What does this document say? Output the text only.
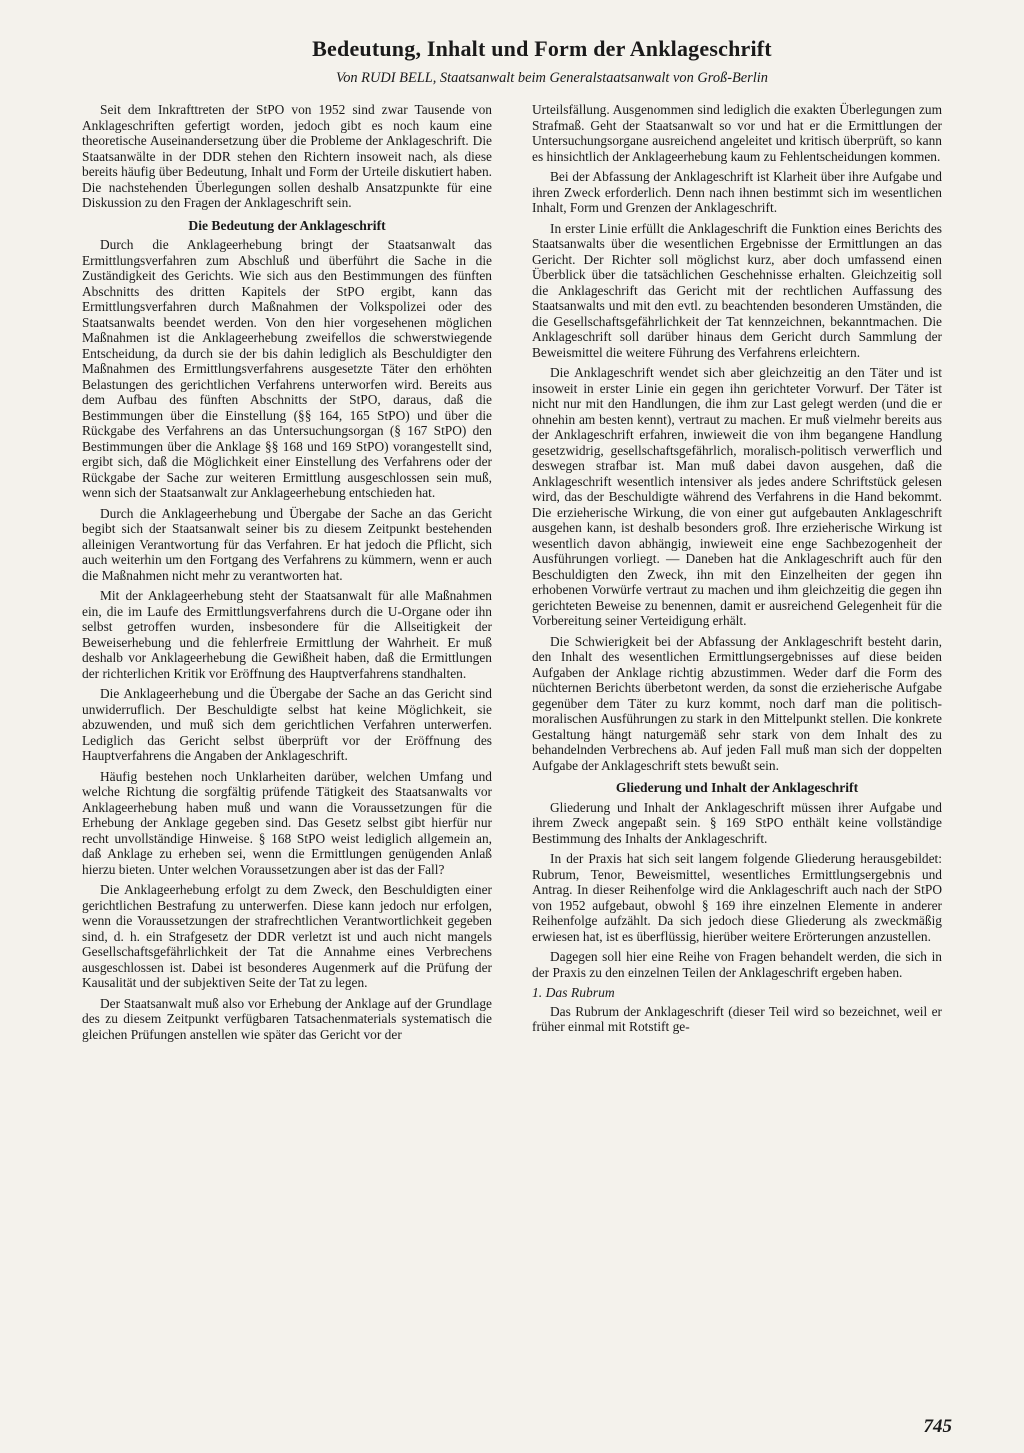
Bedeutung, Inhalt und Form der Anklageschrift
Von RUDI BELL, Staatsanwalt beim Generalstaatsanwalt von Groß-Berlin

Seit dem Inkrafttreten der StPO von 1952 sind zwar Tausende von Anklageschriften gefertigt worden, jedoch gibt es noch kaum eine theoretische Auseinandersetzung über die Probleme der Anklageschrift. Die Staatsanwälte in der DDR stehen den Richtern insoweit nach, als diese bereits häufig über Bedeutung, Inhalt und Form der Urteile diskutiert haben. Die nachstehenden Überlegungen sollen deshalb Ansatzpunkte für eine Diskussion zu den Fragen der Anklageschrift sein.

Die Bedeutung der Anklageschrift

Durch die Anklageerhebung bringt der Staatsanwalt das Ermittlungsverfahren zum Abschluß und überführt die Sache in die Zuständigkeit des Gerichts. Wie sich aus den Bestimmungen des fünften Abschnitts des dritten Kapitels der StPO ergibt, kann das Ermittlungsverfahren durch Maßnahmen der Volkspolizei oder des Staatsanwalts beendet werden. Von den hier vorgesehenen möglichen Maßnahmen ist die Anklageerhebung zweifellos die schwerstwiegende Entscheidung, da durch sie der bis dahin lediglich als Beschuldigter den Maßnahmen des Ermittlungsverfahrens ausgesetzte Täter den erhöhten Belastungen des gerichtlichen Verfahrens unterworfen wird. Bereits aus dem Aufbau des fünften Abschnitts der StPO, daraus, daß die Bestimmungen über die Einstellung (§§ 164, 165 StPO) und über die Rückgabe des Verfahrens an das Untersuchungsorgan (§ 167 StPO) den Bestimmungen über die Anklage §§ 168 und 169 StPO) vorangestellt sind, ergibt sich, daß die Möglichkeit einer Einstellung des Verfahrens oder der Rückgabe der Sache zur weiteren Ermittlung ausgeschlossen sein muß, wenn sich der Staatsanwalt zur Anklageerhebung entschieden hat.

Durch die Anklageerhebung und Übergabe der Sache an das Gericht begibt sich der Staatsanwalt seiner bis zu diesem Zeitpunkt bestehenden alleinigen Verantwortung für das Verfahren. Er hat jedoch die Pflicht, sich auch weiterhin um den Fortgang des Verfahrens zu kümmern, wenn er auch die Maßnahmen nicht mehr zu verantworten hat.

Mit der Anklageerhebung steht der Staatsanwalt für alle Maßnahmen ein, die im Laufe des Ermittlungsverfahrens durch die U-Organe oder ihn selbst getroffen wurden, insbesondere für die Allseitigkeit der Beweiserhebung und die fehlerfreie Ermittlung der Wahrheit. Er muß deshalb vor Anklageerhebung die Gewißheit haben, daß die Ermittlungen der richterlichen Kritik vor Eröffnung des Hauptverfahrens standhalten.

Die Anklageerhebung und die Übergabe der Sache an das Gericht sind unwiderruflich. Der Beschuldigte selbst hat keine Möglichkeit, sie abzuwenden, und muß sich dem gerichtlichen Verfahren unterwerfen. Lediglich das Gericht selbst überprüft vor der Eröffnung des Hauptverfahrens die Angaben der Anklageschrift.

Häufig bestehen noch Unklarheiten darüber, welchen Umfang und welche Richtung die sorgfältig prüfende Tätigkeit des Staatsanwalts vor Anklageerhebung haben muß und wann die Voraussetzungen für die Erhebung der Anklage gegeben sind. Das Gesetz selbst gibt hierfür nur recht unvollständige Hinweise. § 168 StPO weist lediglich allgemein an, daß Anklage zu erheben sei, wenn die Ermittlungen genügenden Anlaß hierzu bieten. Unter welchen Voraussetzungen aber ist das der Fall?

Die Anklageerhebung erfolgt zu dem Zweck, den Beschuldigten einer gerichtlichen Bestrafung zu unterwerfen. Diese kann jedoch nur erfolgen, wenn die Voraussetzungen der strafrechtlichen Verantwortlichkeit gegeben sind, d. h. ein Strafgesetz der DDR verletzt ist und auch nicht mangels Gesellschaftsgefährlichkeit der Tat die Annahme eines Verbrechens ausgeschlossen ist. Dabei ist besonderes Augenmerk auf die Prüfung der Kausalität und der subjektiven Seite der Tat zu legen.

Der Staatsanwalt muß also vor Erhebung der Anklage auf der Grundlage des zu diesem Zeitpunkt verfügbaren Tatsachenmaterials systematisch die gleichen Prüfungen anstellen wie später das Gericht vor der

Urteilsfällung. Ausgenommen sind lediglich die exakten Überlegungen zum Strafmaß. Geht der Staatsanwalt so vor und hat er die Ermittlungen der Untersuchungsorgane ausreichend angeleitet und kritisch überprüft, so kann es hinsichtlich der Anklageerhebung kaum zu Fehlentscheidungen kommen.

Bei der Abfassung der Anklageschrift ist Klarheit über ihre Aufgabe und ihren Zweck erforderlich. Denn nach ihnen bestimmt sich im wesentlichen Inhalt, Form und Grenzen der Anklageschrift.

In erster Linie erfüllt die Anklageschrift die Funktion eines Berichts des Staatsanwalts über die wesentlichen Ergebnisse der Ermittlungen an das Gericht. Der Richter soll möglichst kurz, aber doch umfassend einen Überblick über die tatsächlichen Geschehnisse erhalten. Gleichzeitig soll die Anklageschrift das Gericht mit der rechtlichen Auffassung des Staatsanwalts und mit den evtl. zu beachtenden besonderen Umständen, die die Gesellschaftsgefährlichkeit der Tat kennzeichnen, bekanntmachen. Die Anklageschrift soll darüber hinaus dem Gericht durch Sammlung der Beweismittel die weitere Führung des Verfahrens erleichtern.

Die Anklageschrift wendet sich aber gleichzeitig an den Täter und ist insoweit in erster Linie ein gegen ihn gerichteter Vorwurf. Der Täter ist nicht nur mit den Handlungen, die ihm zur Last gelegt werden (und die er ohnehin am besten kennt), vertraut zu machen. Er muß vielmehr bereits aus der Anklageschrift erfahren, inwieweit die von ihm begangene Handlung gesetzwidrig, gesellschaftsgefährlich, moralisch-politisch verwerflich und deswegen strafbar ist. Man muß dabei davon ausgehen, daß die Anklageschrift wesentlich intensiver als jedes andere Schriftstück gelesen wird, das der Beschuldigte während des Verfahrens in die Hand bekommt. Die erzieherische Wirkung, die von einer gut aufgebauten Anklageschrift ausgehen kann, ist deshalb besonders groß. Ihre erzieherische Wirkung ist wesentlich davon abhängig, inwieweit eine enge Sachbezogenheit der Ausführungen vorliegt. — Daneben hat die Anklageschrift auch für den Beschuldigten den Zweck, ihn mit den Einzelheiten der gegen ihn erhobenen Vorwürfe vertraut zu machen und ihm gleichzeitig die gegen ihn gerichteten Beweise zu benennen, damit er ausreichend Gelegenheit für die Vorbereitung seiner Verteidigung erhält.

Die Schwierigkeit bei der Abfassung der Anklageschrift besteht darin, den Inhalt des wesentlichen Ermittlungsergebnisses auf diese beiden Aufgaben der Anklage richtig abzustimmen. Weder darf die Form des nüchternen Berichts überbetont werden, da sonst die erzieherische Aufgabe gegenüber dem Täter zu kurz kommt, noch darf man die politisch-moralischen Ausführungen zu stark in den Mittelpunkt stellen. Die konkrete Gestaltung hängt naturgemäß sehr stark von dem Inhalt des zu behandelnden Verbrechens ab. Auf jeden Fall muß man sich der doppelten Aufgabe der Anklageschrift stets bewußt sein.

Gliederung und Inhalt der Anklageschrift

Gliederung und Inhalt der Anklageschrift müssen ihrer Aufgabe und ihrem Zweck angepaßt sein. § 169 StPO enthält keine vollständige Bestimmung des Inhalts der Anklageschrift.

In der Praxis hat sich seit langem folgende Gliederung herausgebildet: Rubrum, Tenor, Beweismittel, wesentliches Ermittlungsergebnis und Antrag. In dieser Reihenfolge wird die Anklageschrift auch nach der StPO von 1952 aufgebaut, obwohl § 169 ihre einzelnen Elemente in anderer Reihenfolge aufzählt. Da sich jedoch diese Gliederung als zweckmäßig erwiesen hat, ist es überflüssig, hierüber weitere Erörterungen anzustellen.

Dagegen soll hier eine Reihe von Fragen behandelt werden, die sich in der Praxis zu den einzelnen Teilen der Anklageschrift ergeben haben.

1. Das Rubrum

Das Rubrum der Anklageschrift (dieser Teil wird so bezeichnet, weil er früher einmal mit Rotstift ge-

745
